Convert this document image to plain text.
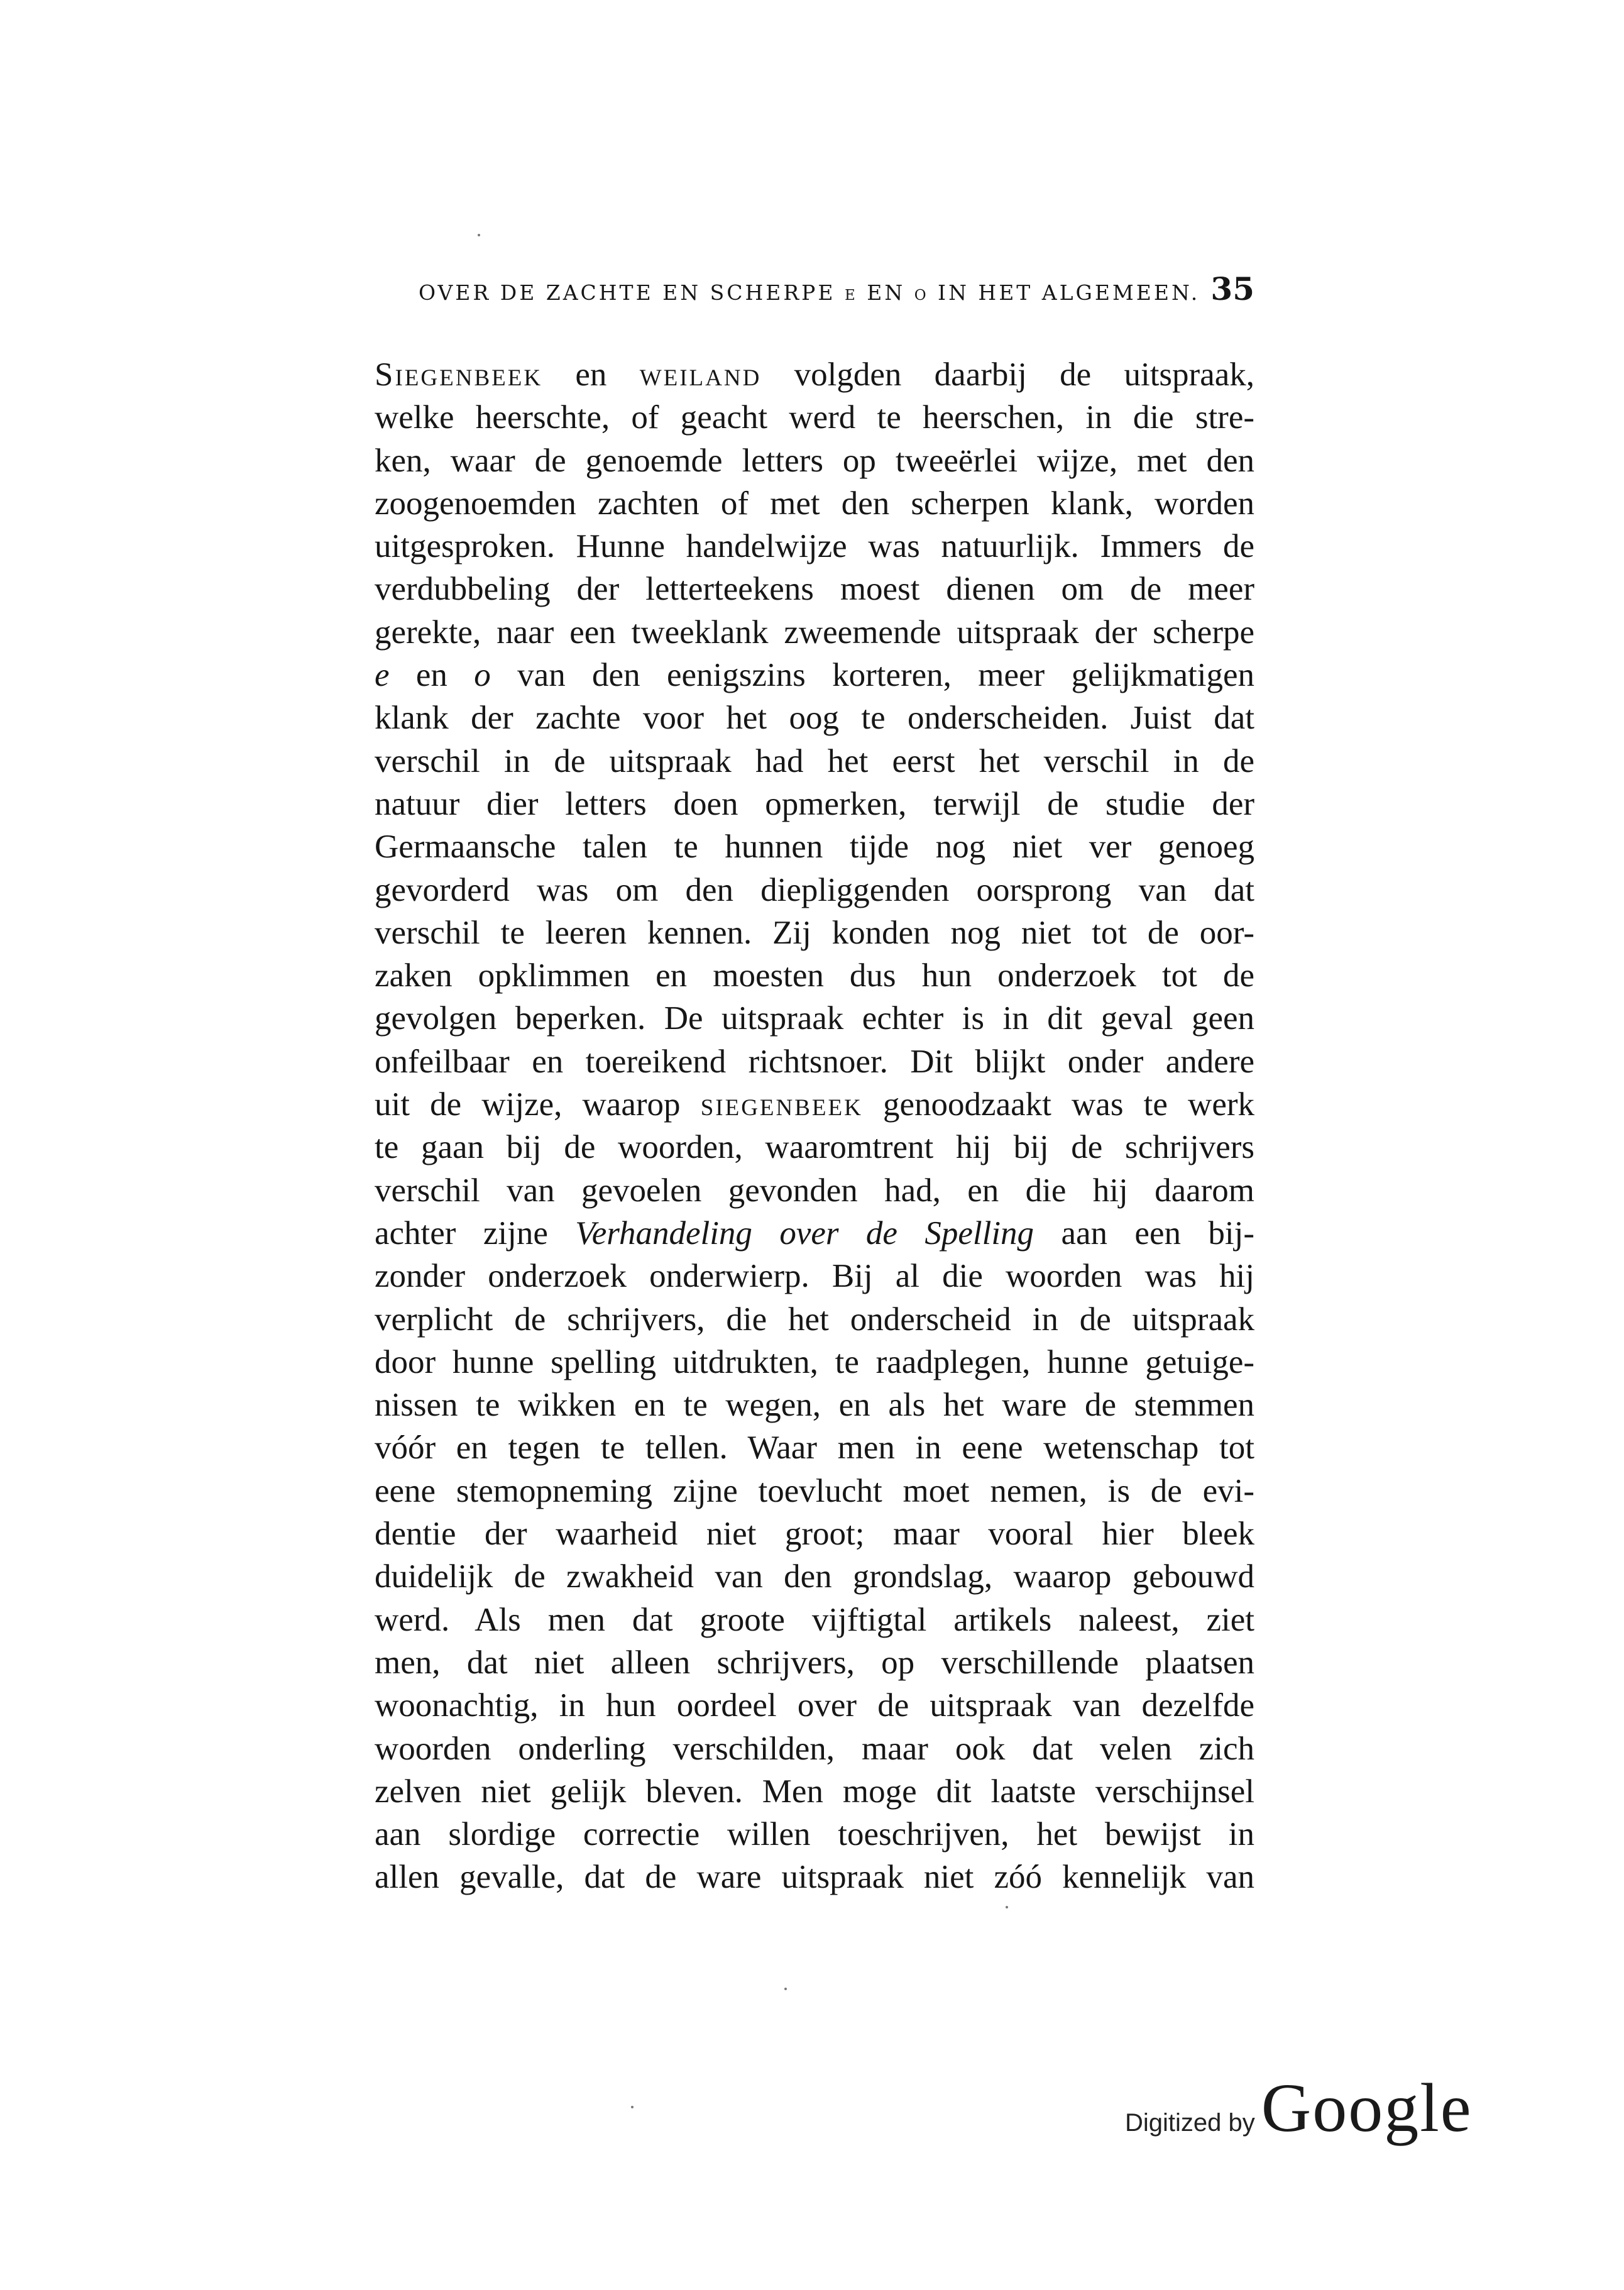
OVER DE ZACHTE EN SCHERPE e EN o IN HET ALGEMEEN. 35
Siegenbeek en weiland volgden daarbij de uitspraak,
welke heerschte, of geacht werd te heerschen, in die stre-
ken, waar de genoemde letters op tweeërlei wijze, met den
zoogenoemden zachten of met den scherpen klank, worden
uitgesproken. Hunne handelwijze was natuurlijk. Immers de
verdubbeling der letterteekens moest dienen om de meer
gerekte, naar een tweeklank zweemende uitspraak der scherpe
e en o van den eenigszins korteren, meer gelijkmatigen
klank der zachte voor het oog te onderscheiden. Juist dat
verschil in de uitspraak had het eerst het verschil in de
natuur dier letters doen opmerken, terwijl de studie der
Germaansche talen te hunnen tijde nog niet ver genoeg
gevorderd was om den diepliggenden oorsprong van dat
verschil te leeren kennen. Zij konden nog niet tot de oor-
zaken opklimmen en moesten dus hun onderzoek tot de
gevolgen beperken. De uitspraak echter is in dit geval geen
onfeilbaar en toereikend richtsnoer. Dit blijkt onder andere
uit de wijze, waarop siegenbeek genoodzaakt was te werk
te gaan bij de woorden, waaromtrent hij bij de schrijvers
verschil van gevoelen gevonden had, en die hij daarom
achter zijne Verhandeling over de Spelling aan een bij-
zonder onderzoek onderwierp. Bij al die woorden was hij
verplicht de schrijvers, die het onderscheid in de uitspraak
door hunne spelling uitdrukten, te raadplegen, hunne getuige-
nissen te wikken en te wegen, en als het ware de stemmen
vóór en tegen te tellen. Waar men in eene wetenschap tot
eene stemopneming zijne toevlucht moet nemen, is de evi-
dentie der waarheid niet groot; maar vooral hier bleek
duidelijk de zwakheid van den grondslag, waarop gebouwd
werd. Als men dat groote vijftigtal artikels naleest, ziet
men, dat niet alleen schrijvers, op verschillende plaatsen
woonachtig, in hun oordeel over de uitspraak van dezelfde
woorden onderling verschilden, maar ook dat velen zich
zelven niet gelijk bleven. Men moge dit laatste verschijnsel
aan slordige correctie willen toeschrijven, het bewijst in
allen gevalle, dat de ware uitspraak niet zóó kennelijk van
Digitized by Google
